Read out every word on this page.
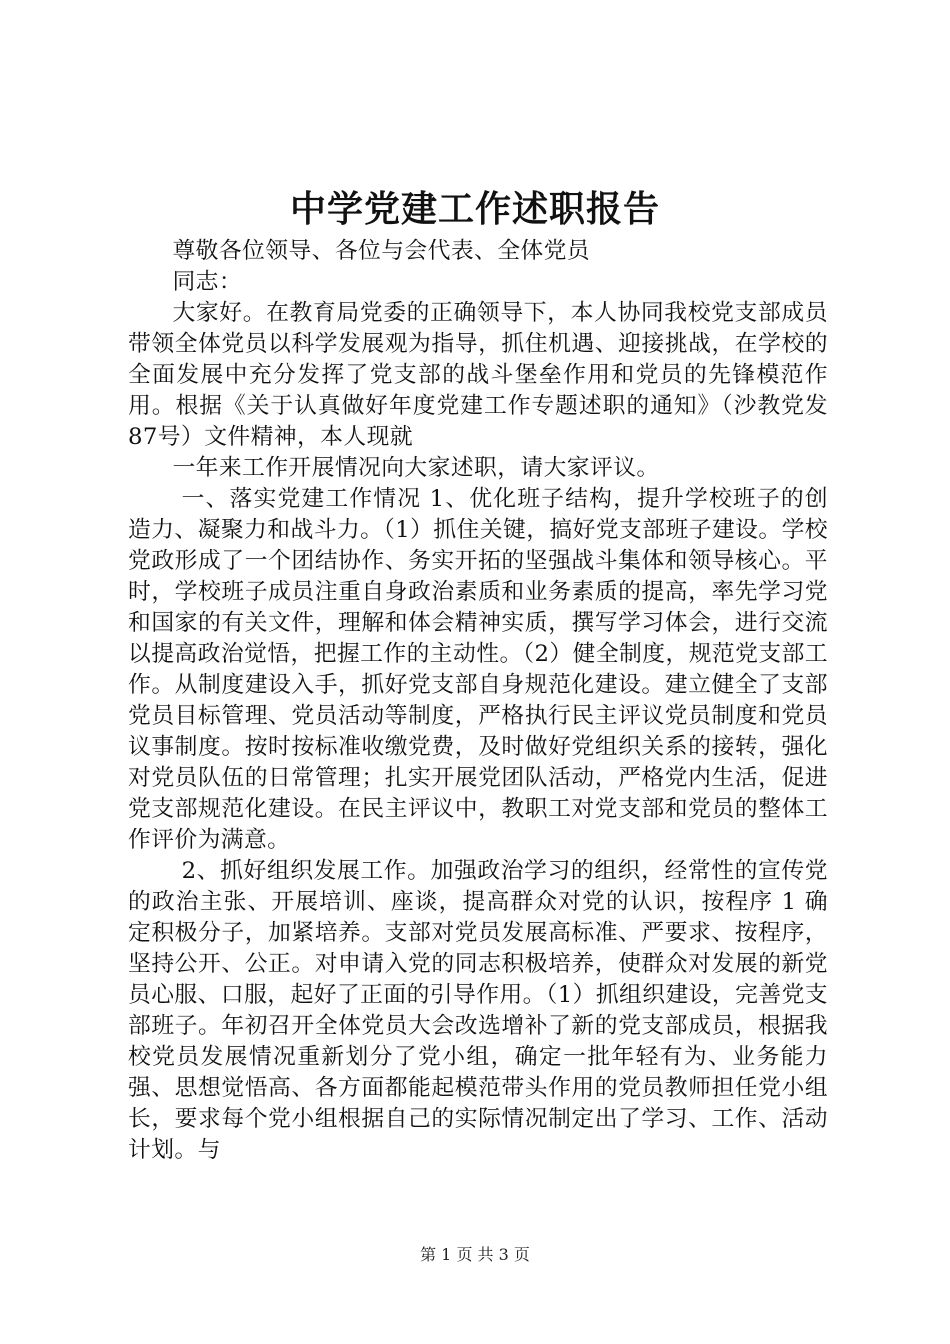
中学党建工作述职报告

尊敬各位领导、各位与会代表、全体党员

同志：

大家好。在教育局党委的正确领导下，本人协同我校党支部成员带领全体党员以科学发展观为指导，抓住机遇、迎接挑战，在学校的全面发展中充分发挥了党支部的战斗堡垒作用和党员的先锋模范作用。根据《关于认真做好年度党建工作专题述职的通知》（沙教党发87号）文件精神，本人现就

一年来工作开展情况向大家述职，请大家评议。

一、落实党建工作情况 1、优化班子结构，提升学校班子的创造力、凝聚力和战斗力。（1）抓住关键，搞好党支部班子建设。学校党政形成了一个团结协作、务实开拓的坚强战斗集体和领导核心。平时，学校班子成员注重自身政治素质和业务素质的提高，率先学习党和国家的有关文件，理解和体会精神实质，撰写学习体会，进行交流以提高政治觉悟，把握工作的主动性。（2）健全制度，规范党支部工作。从制度建设入手，抓好党支部自身规范化建设。建立健全了支部党员目标管理、党员活动等制度，严格执行民主评议党员制度和党员议事制度。按时按标准收缴党费，及时做好党组织关系的接转，强化对党员队伍的日常管理；扎实开展党团队活动，严格党内生活，促进党支部规范化建设。在民主评议中，教职工对党支部和党员的整体工作评价为满意。

2、抓好组织发展工作。加强政治学习的组织，经常性的宣传党的政治主张、开展培训、座谈，提高群众对党的认识，按程序 1 确定积极分子，加紧培养。支部对党员发展高标准、严要求、按程序，坚持公开、公正。对申请入党的同志积极培养，使群众对发展的新党员心服、口服，起好了正面的引导作用。（1）抓组织建设，完善党支部班子。年初召开全体党员大会改选增补了新的党支部成员，根据我校党员发展情况重新划分了党小组，确定一批年轻有为、业务能力强、思想觉悟高、各方面都能起模范带头作用的党员教师担任党小组长，要求每个党小组根据自己的实际情况制定出了学习、工作、活动计划。与

第 1 页 共 3 页
